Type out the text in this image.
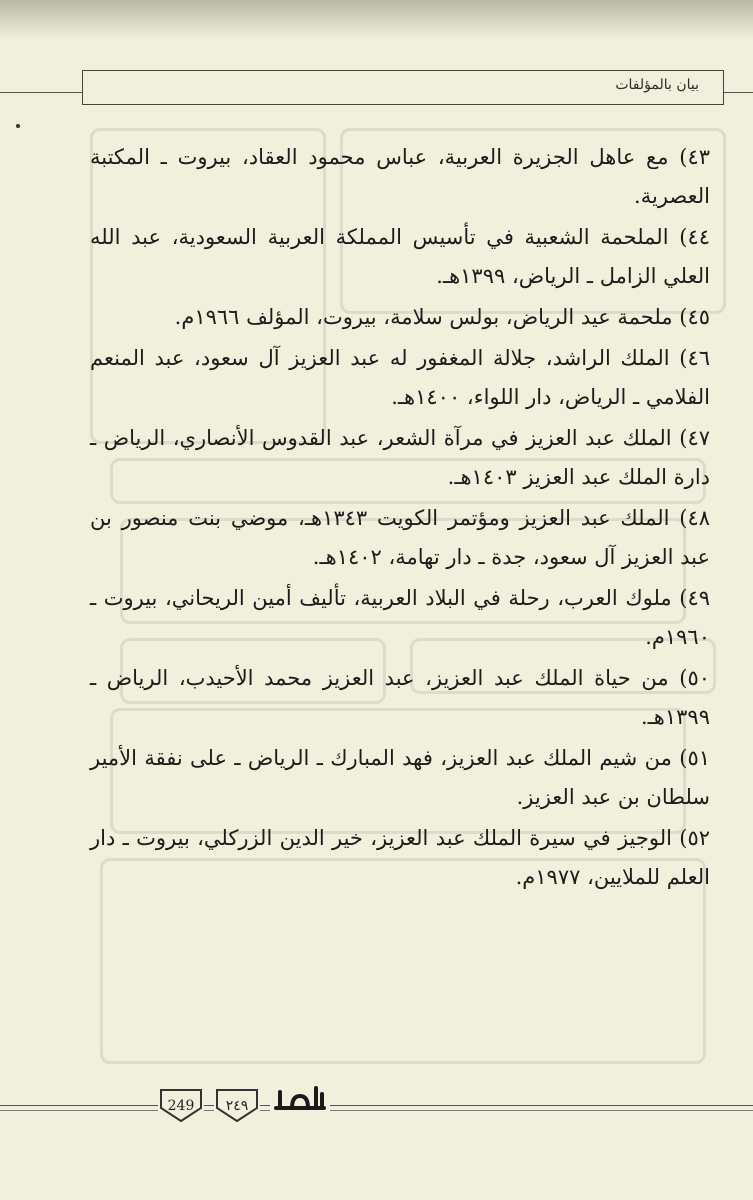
بيان بالمؤلفات

٤٣) مع عاهل الجزيرة العربية، عباس محمود العقاد، بيروت ـ المكتبة العصرية.

٤٤) الملحمة الشعبية في تأسيس المملكة العربية السعودية، عبد الله العلي الزامل ـ الرياض، ١٣٩٩هـ.

٤٥) ملحمة عيد الرياض، بولس سلامة، بيروت، المؤلف ١٩٦٦م.

٤٦) الملك الراشد، جلالة المغفور له عبد العزيز آل سعود، عبد المنعم الفلامي ـ الرياض، دار اللواء، ١٤٠٠هـ.

٤٧) الملك عبد العزيز في مرآة الشعر، عبد القدوس الأنصاري، الرياض ـ دارة الملك عبد العزيز ١٤٠٣هـ.

٤٨) الملك عبد العزيز ومؤتمر الكويت ١٣٤٣هـ، موضي بنت منصور بن عبد العزيز آل سعود، جدة ـ دار تهامة، ١٤٠٢هـ.

٤٩) ملوك العرب، رحلة في البلاد العربية، تأليف أمين الريحاني، بيروت ـ ١٩٦٠م.

٥٠) من حياة الملك عبد العزيز، عبد العزيز محمد الأحيدب، الرياض ـ ١٣٩٩هـ.

٥١) من شيم الملك عبد العزيز، فهد المبارك ـ الرياض ـ على نفقة الأمير سلطان بن عبد العزيز.

٥٢) الوجيز في سيرة الملك عبد العزيز، خير الدين الزركلي، بيروت ـ دار العلم للملايين، ١٩٧٧م.

٢٤٩
249
